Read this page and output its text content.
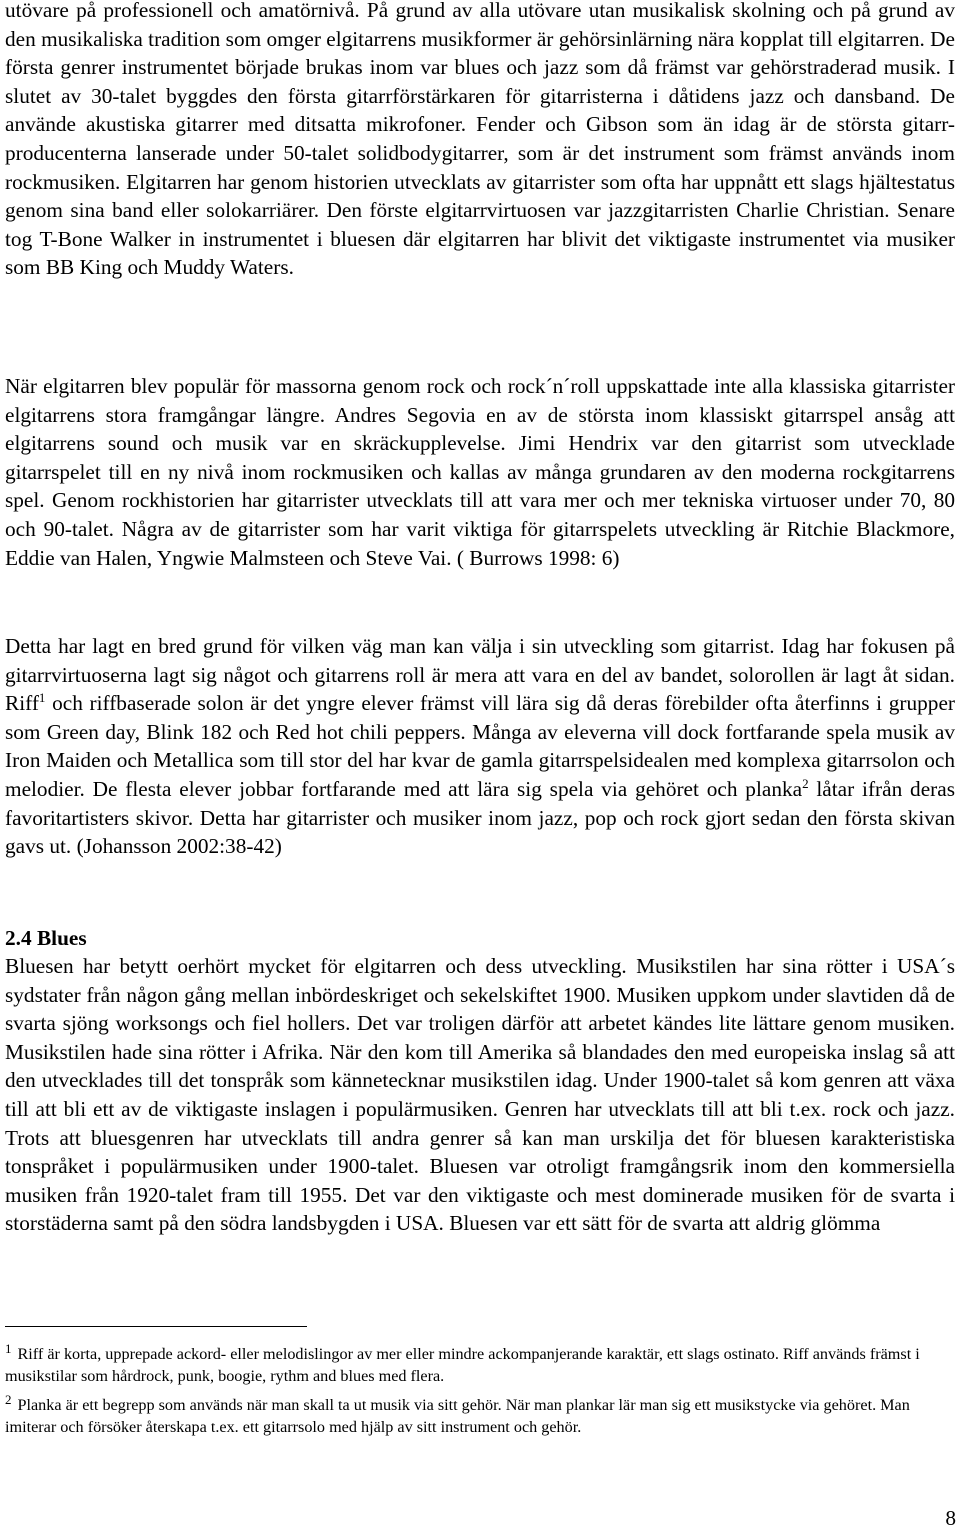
utövare på professionell och amatörnivå. På grund av alla utövare utan musikalisk skolning och på grund av den musikaliska tradition som omger elgitarrens musikformer är gehörsinlärning nära kopplat till elgitarren. De första genrer instrumentet började brukas inom var blues och jazz som då främst var gehörstraderad musik. I slutet av 30-talet byggdes den första gitarrförstärkaren för gitarristerna i dåtidens jazz och dansband. De använde akustiska gitarrer med ditsatta mikrofoner. Fender och Gibson som än idag är de största gitarr-producenterna lanserade under 50-talet solidbodygitarrer, som är det instrument som främst används inom rockmusiken. Elgitarren har genom historien utvecklats av gitarrister som ofta har uppnått ett slags hjältestatus genom sina band eller solokarriärer. Den förste elgitarrvirtuosen var jazzgitarristen Charlie Christian. Senare tog T-Bone Walker in instrumentet i bluesen där elgitarren har blivit det viktigaste instrumentet via musiker som BB King och Muddy Waters.

När elgitarren blev populär för massorna genom rock och rock´n´roll uppskattade inte alla klassiska gitarrister elgitarrens stora framgångar längre. Andres Segovia en av de största inom klassiskt gitarrspel ansåg att elgitarrens sound och musik var en skräckupplevelse. Jimi Hendrix var den gitarrist som utvecklade gitarrspelet till en ny nivå inom rockmusiken och kallas av många grundaren av den moderna rockgitarrens spel. Genom rockhistorien har gitarrister utvecklats till att vara mer och mer tekniska virtuoser under 70, 80 och 90-talet. Några av de gitarrister som har varit viktiga för gitarrspelets utveckling är Ritchie Blackmore, Eddie van Halen, Yngwie Malmsteen och Steve Vai. ( Burrows 1998: 6)

Detta har lagt en bred grund för vilken väg man kan välja i sin utveckling som gitarrist. Idag har fokusen på gitarrvirtuoserna lagt sig något och gitarrens roll är mera att vara en del av bandet, solorollen är lagt åt sidan. Riff$^1$ och riffbaserade solon är det yngre elever främst vill lära sig då deras förebilder ofta återfinns i grupper som Green day, Blink 182 och Red hot chili peppers. Många av eleverna vill dock fortfarande spela musik av Iron Maiden och Metallica som till stor del har kvar de gamla gitarrspelsidealen med komplexa gitarrsolon och melodier. De flesta elever jobbar fortfarande med att lära sig spela via gehöret och planka$^2$ låtar ifrån deras favoritartisters skivor. Detta har gitarrister och musiker inom jazz, pop och rock gjort sedan den första skivan gavs ut. (Johansson 2002:38-42)

2.4 Blues

Bluesen har betytt oerhört mycket för elgitarren och dess utveckling. Musikstilen har sina rötter i USA´s sydstater från någon gång mellan inbördeskriget och sekelskiftet 1900. Musiken uppkom under slavtiden då de svarta sjöng worksongs och fiel hollers. Det var troligen därför att arbetet kändes lite lättare genom musiken. Musikstilen hade sina rötter i Afrika. När den kom till Amerika så blandades den med europeiska inslag så att den utvecklades till det tonspråk som kännetecknar musikstilen idag. Under 1900-talet så kom genren att växa till att bli ett av de viktigaste inslagen i populärmusiken. Genren har utvecklats till att bli t.ex. rock och jazz. Trots att bluesgenren har utvecklats till andra genrer så kan man urskilja det för bluesen karakteristiska tonspråket i populärmusiken under 1900-talet. Bluesen var otroligt framgångsrik inom den kommersiella musiken från 1920-talet fram till 1955. Det var den viktigaste och mest dominerade musiken för de svarta i storstäderna samt på den södra landsbygden i USA. Bluesen var ett sätt för de svarta att aldrig glömma

$^1$ Riff är korta, upprepade ackord- eller melodislingor av mer eller mindre ackompanjerande karaktär, ett slags ostinato. Riff används främst i musikstilar som hårdrock, punk, boogie, rythm and blues med flera.

$^2$ Planka är ett begrepp som används när man skall ta ut musik via sitt gehör. När man plankar lär man sig ett musikstycke via gehöret. Man imiterar och försöker återskapa t.ex. ett gitarrsolo med hjälp av sitt instrument och gehör.

8
